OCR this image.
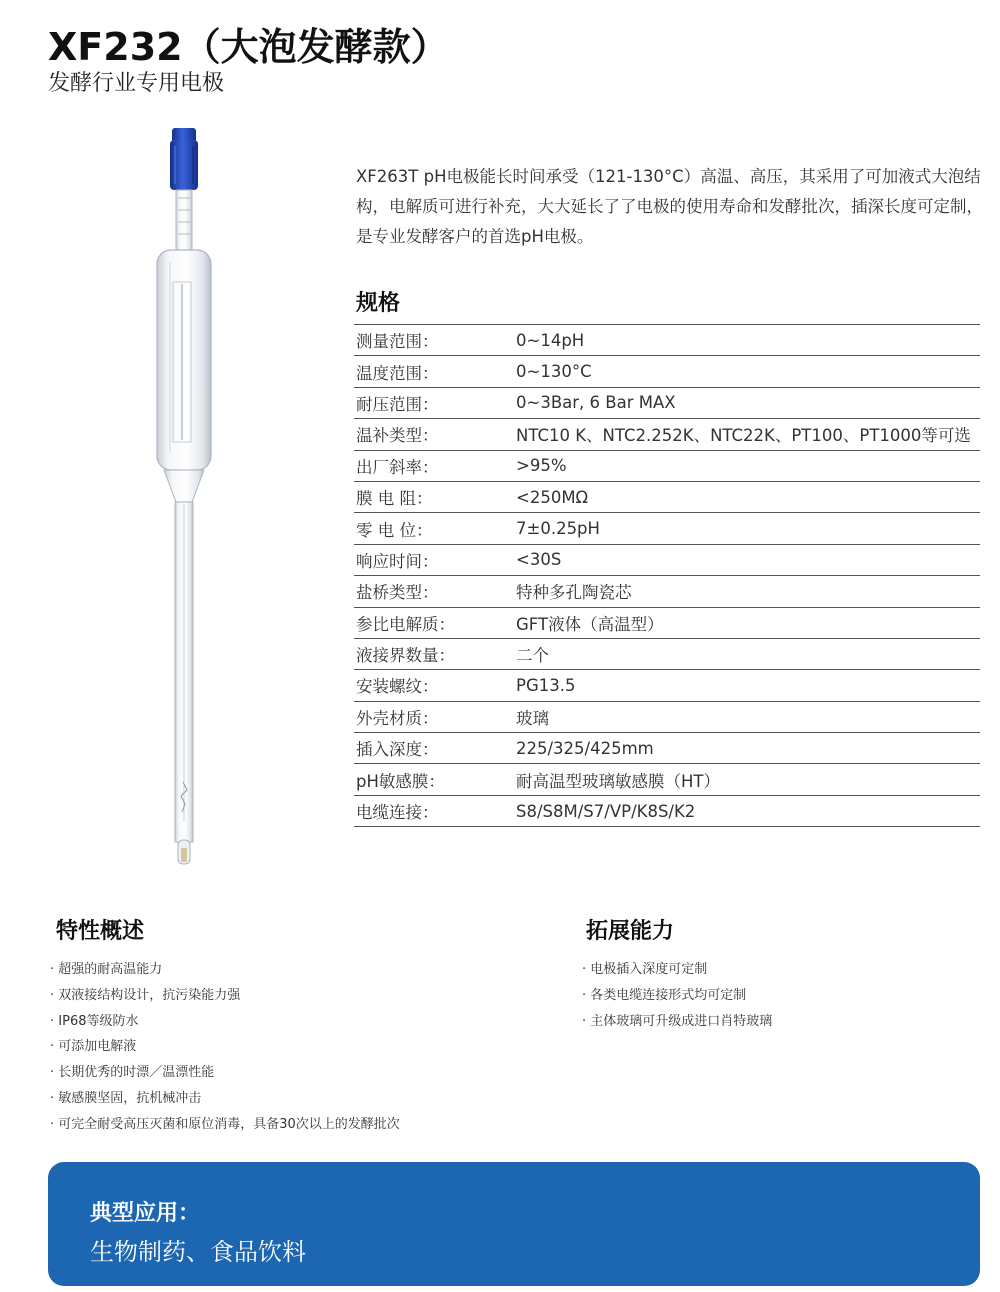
XF232（大泡发酵款）
发酵行业专用电极
XF263T pH电极能长时间承受（121-130°C）高温、高压，其采用了可加液式大泡结构，电解质可进行补充，大大延长了了电极的使用寿命和发酵批次，插深长度可定制，是专业发酵客户的首选pH电极。
规格
测量范围：	0~14pH
温度范围：	0~130°C
耐压范围：	0~3Bar, 6 Bar MAX
温补类型：	NTC10 K、NTC2.252K、NTC22K、PT100、PT1000等可选
出厂斜率：	>95%
膜 电 阻：	<250MΩ
零 电 位：	7±0.25pH
响应时间：	<30S
盐桥类型：	特种多孔陶瓷芯
参比电解质：	GFT液体（高温型）
液接界数量：	二个
安装螺纹：	PG13.5
外壳材质：	玻璃
插入深度：	225/325/425mm
pH敏感膜：	耐高温型玻璃敏感膜（HT）
电缆连接：	S8/S8M/S7/VP/K8S/K2
特性概述
· 超强的耐高温能力
· 双液接结构设计，抗污染能力强
· IP68等级防水
· 可添加电解液
· 长期优秀的时漂／温漂性能
· 敏感膜坚固，抗机械冲击
· 可完全耐受高压灭菌和原位消毒，具备30次以上的发酵批次
拓展能力
· 电极插入深度可定制
· 各类电缆连接形式均可定制
· 主体玻璃可升级成进口肖特玻璃
典型应用：
生物制药、食品饮料
